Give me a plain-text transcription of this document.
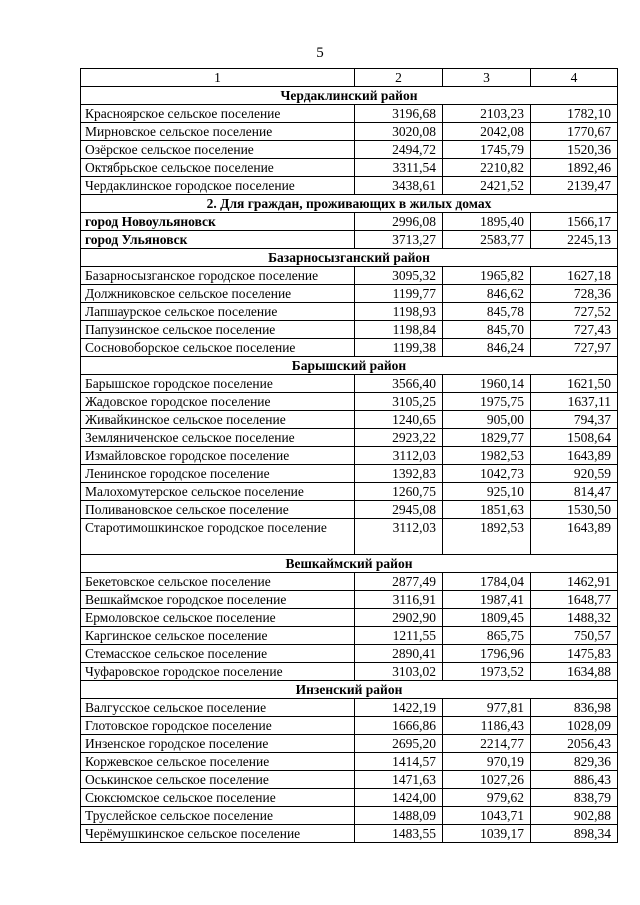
5
1	2	3	4
Чердаклинский район			
Красноярское сельское поселение	3196,68	2103,23	1782,10
Мирновское сельское поселение	3020,08	2042,08	1770,67
Озёрское сельское поселение	2494,72	1745,79	1520,36
Октябрьское сельское поселение	3311,54	2210,82	1892,46
Чердаклинское городское поселение	3438,61	2421,52	2139,47
2. Для граждан, проживающих в жилых домах			
город Новоульяновск	2996,08	1895,40	1566,17
город Ульяновск	3713,27	2583,77	2245,13
Базарносызганский район			
Базарносызганское городское поселение	3095,32	1965,82	1627,18
Должниковское сельское поселение	1199,77	846,62	728,36
Лапшаурское сельское поселение	1198,93	845,78	727,52
Папузинское сельское поселение	1198,84	845,70	727,43
Сосновоборское сельское поселение	1199,38	846,24	727,97
Барышский район			
Барышское городское поселение	3566,40	1960,14	1621,50
Жадовское городское поселение	3105,25	1975,75	1637,11
Живайкинское сельское поселение	1240,65	905,00	794,37
Земляниченское сельское поселение	2923,22	1829,77	1508,64
Измайловское городское поселение	3112,03	1982,53	1643,89
Ленинское городское поселение	1392,83	1042,73	920,59
Малохомутерское сельское поселение	1260,75	925,10	814,47
Поливановское сельское поселение	2945,08	1851,63	1530,50
Старотимошкинское городское поселение	3112,03	1892,53	1643,89
Вешкаймский район			
Бекетовское сельское поселение	2877,49	1784,04	1462,91
Вешкаймское городское поселение	3116,91	1987,41	1648,77
Ермоловское сельское поселение	2902,90	1809,45	1488,32
Каргинское сельское поселение	1211,55	865,75	750,57
Стемасское сельское поселение	2890,41	1796,96	1475,83
Чуфаровское городское поселение	3103,02	1973,52	1634,88
Инзенский район			
Валгусское сельское поселение	1422,19	977,81	836,98
Глотовское городское поселение	1666,86	1186,43	1028,09
Инзенское городское поселение	2695,20	2214,77	2056,43
Коржевское сельское поселение	1414,57	970,19	829,36
Оськинское сельское поселение	1471,63	1027,26	886,43
Сюксюмское сельское поселение	1424,00	979,62	838,79
Труслейское сельское поселение	1488,09	1043,71	902,88
Черёмушкинское сельское поселение	1483,55	1039,17	898,34
